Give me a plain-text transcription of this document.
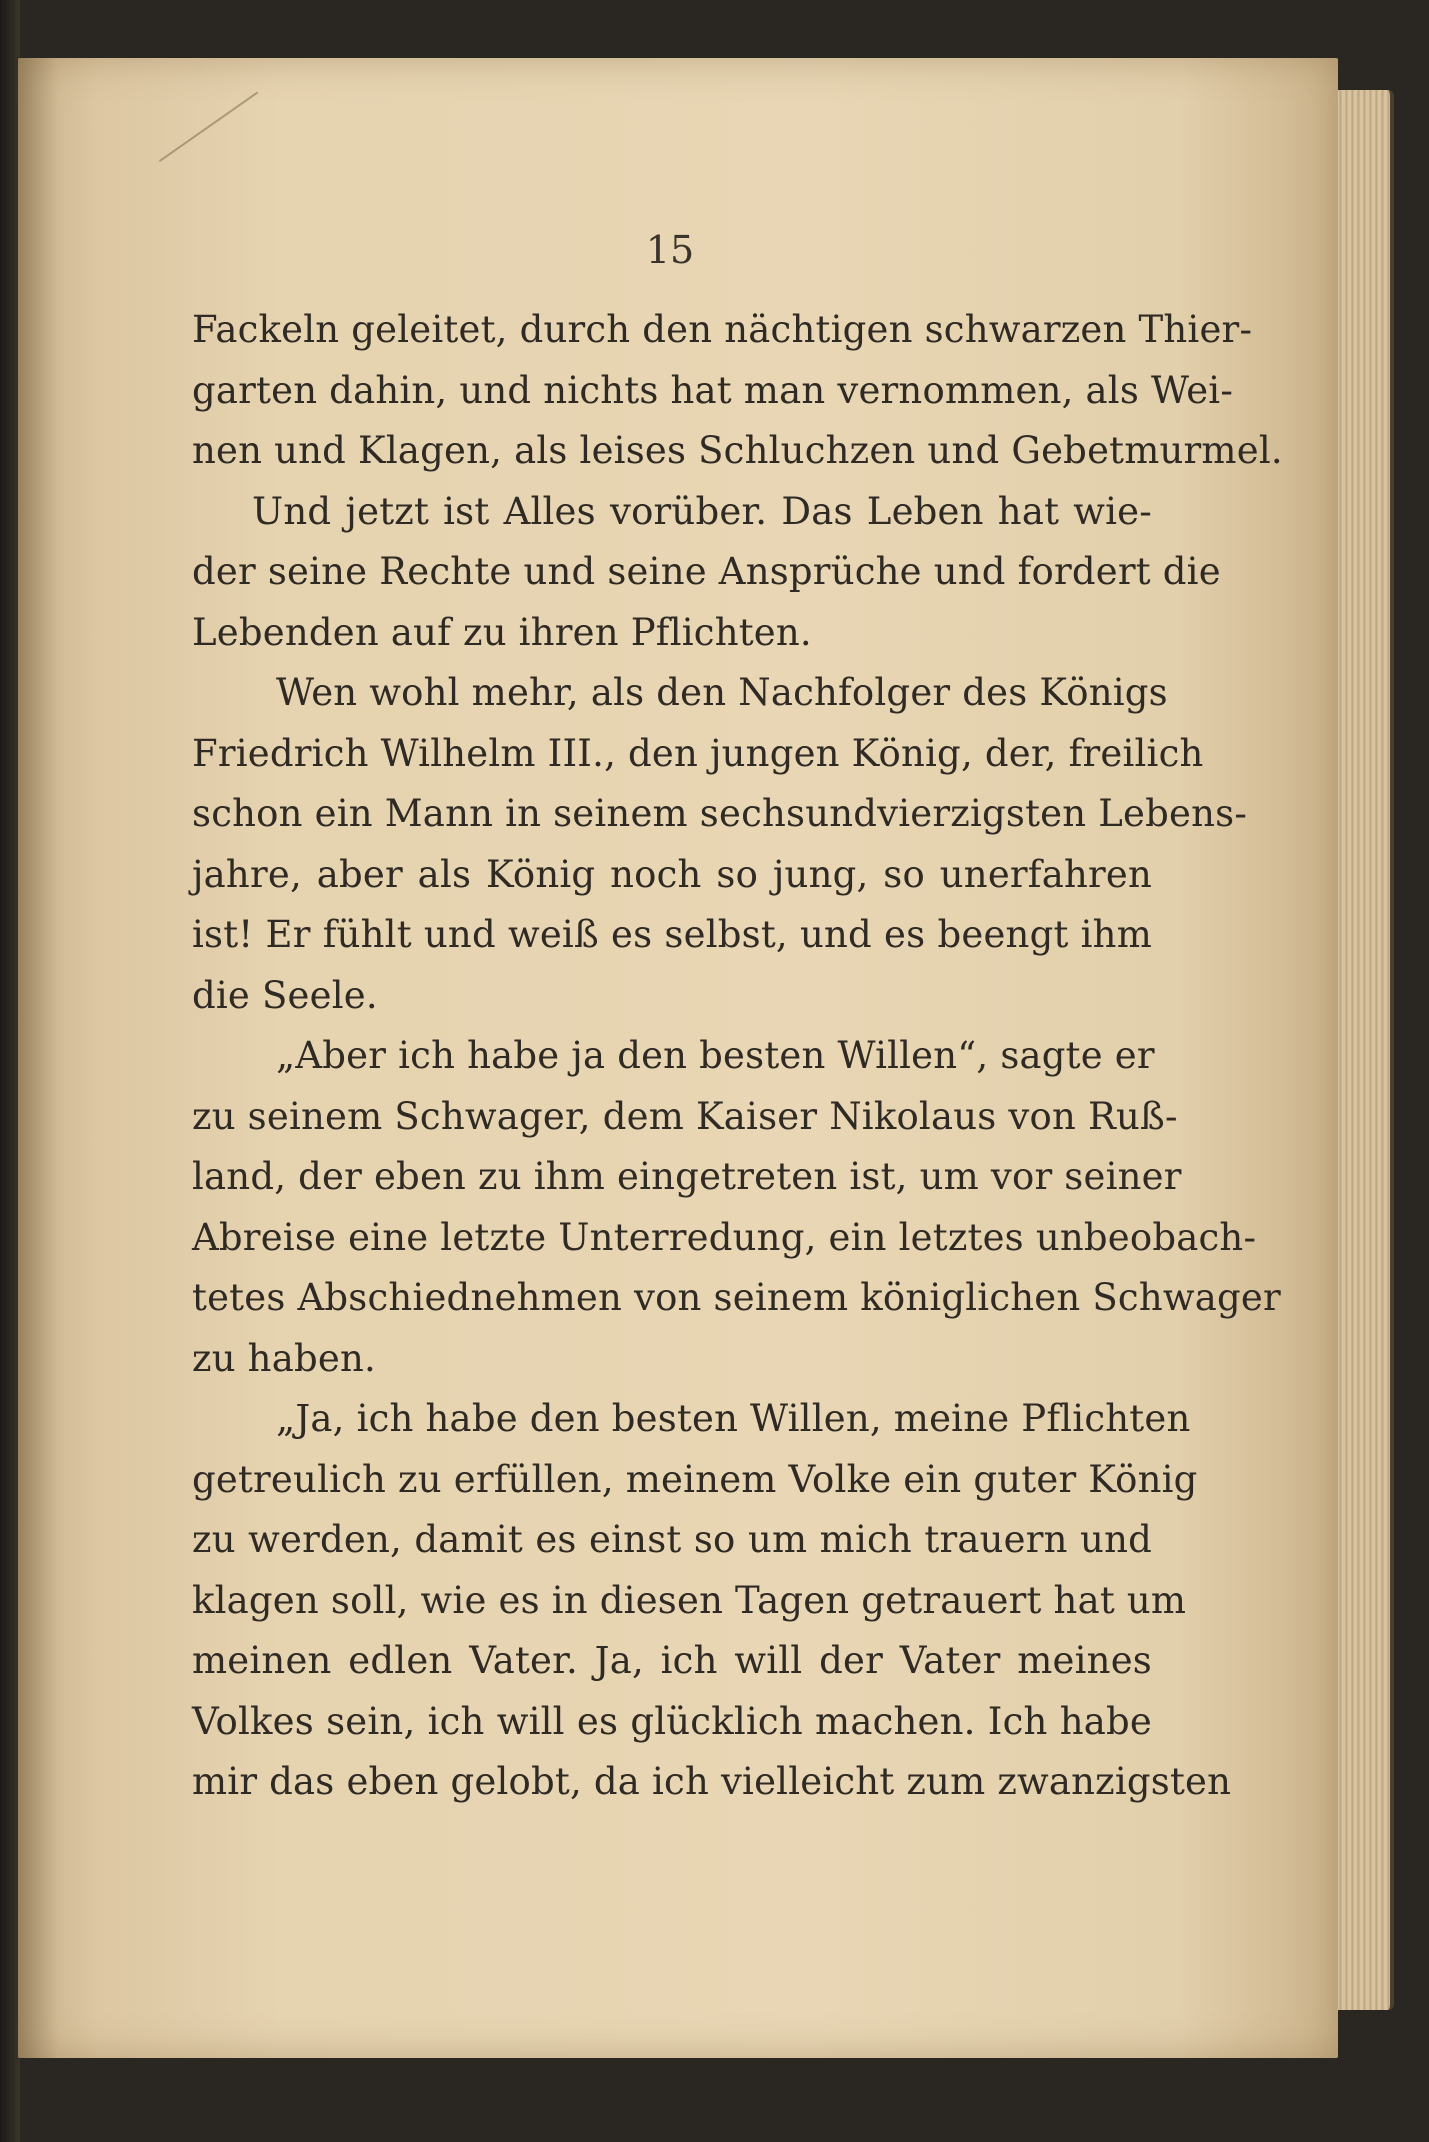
15
Fackeln geleitet, durch den nächtigen schwarzen Thier-
garten dahin, und nichts hat man vernommen, als Wei-
nen und Klagen, als leises Schluchzen und Gebetmurmel.
Und jetzt ist Alles vorüber. Das Leben hat wie-
der seine Rechte und seine Ansprüche und fordert die
Lebenden auf zu ihren Pflichten.
Wen wohl mehr, als den Nachfolger des Königs
Friedrich Wilhelm III., den jungen König, der, freilich
schon ein Mann in seinem sechsundvierzigsten Lebens-
jahre, aber als König noch so jung, so unerfahren
ist! Er fühlt und weiß es selbst, und es beengt ihm
die Seele.
„Aber ich habe ja den besten Willen“, sagte er
zu seinem Schwager, dem Kaiser Nikolaus von Ruß-
land, der eben zu ihm eingetreten ist, um vor seiner
Abreise eine letzte Unterredung, ein letztes unbeobach-
tetes Abschiednehmen von seinem königlichen Schwager
zu haben.
„Ja, ich habe den besten Willen, meine Pflichten
getreulich zu erfüllen, meinem Volke ein guter König
zu werden, damit es einst so um mich trauern und
klagen soll, wie es in diesen Tagen getrauert hat um
meinen edlen Vater. Ja, ich will der Vater meines
Volkes sein, ich will es glücklich machen. Ich habe
mir das eben gelobt, da ich vielleicht zum zwanzigsten
